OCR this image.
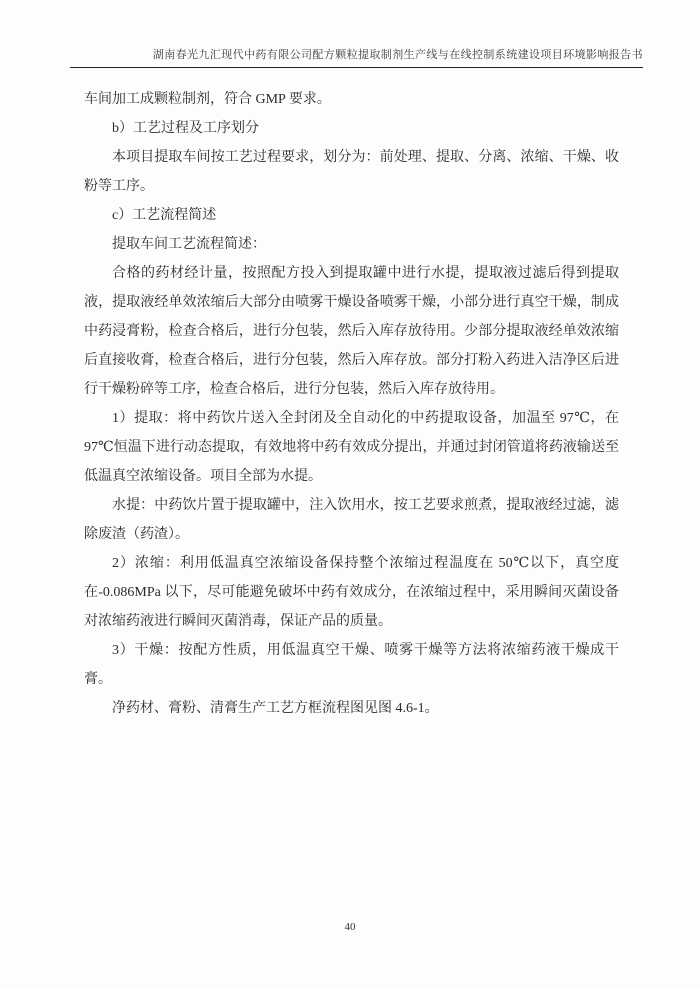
湖南春光九汇现代中药有限公司配方颗粒提取制剂生产线与在线控制系统建设项目环境影响报告书

车间加工成颗粒制剂，符合 GMP 要求。

b）工艺过程及工序划分

本项目提取车间按工艺过程要求，划分为：前处理、提取、分离、浓缩、干燥、收粉等工序。

c）工艺流程简述

提取车间工艺流程简述：

合格的药材经计量，按照配方投入到提取罐中进行水提，提取液过滤后得到提取液，提取液经单效浓缩后大部分由喷雾干燥设备喷雾干燥，小部分进行真空干燥，制成中药浸膏粉，检查合格后，进行分包装，然后入库存放待用。少部分提取液经单效浓缩后直接收膏，检查合格后，进行分包装，然后入库存放。部分打粉入药进入洁净区后进行干燥粉碎等工序，检查合格后，进行分包装，然后入库存放待用。

1）提取：将中药饮片送入全封闭及全自动化的中药提取设备，加温至 97℃，在 97℃恒温下进行动态提取，有效地将中药有效成分提出，并通过封闭管道将药液输送至低温真空浓缩设备。项目全部为水提。

水提：中药饮片置于提取罐中，注入饮用水，按工艺要求煎煮，提取液经过滤，滤除废渣（药渣）。

2）浓缩：利用低温真空浓缩设备保持整个浓缩过程温度在 50℃以下，真空度在-0.086MPa 以下，尽可能避免破坏中药有效成分，在浓缩过程中，采用瞬间灭菌设备对浓缩药液进行瞬间灭菌消毒，保证产品的质量。

3）干燥：按配方性质，用低温真空干燥、喷雾干燥等方法将浓缩药液干燥成干膏。

净药材、膏粉、清膏生产工艺方框流程图见图 4.6-1。

40
